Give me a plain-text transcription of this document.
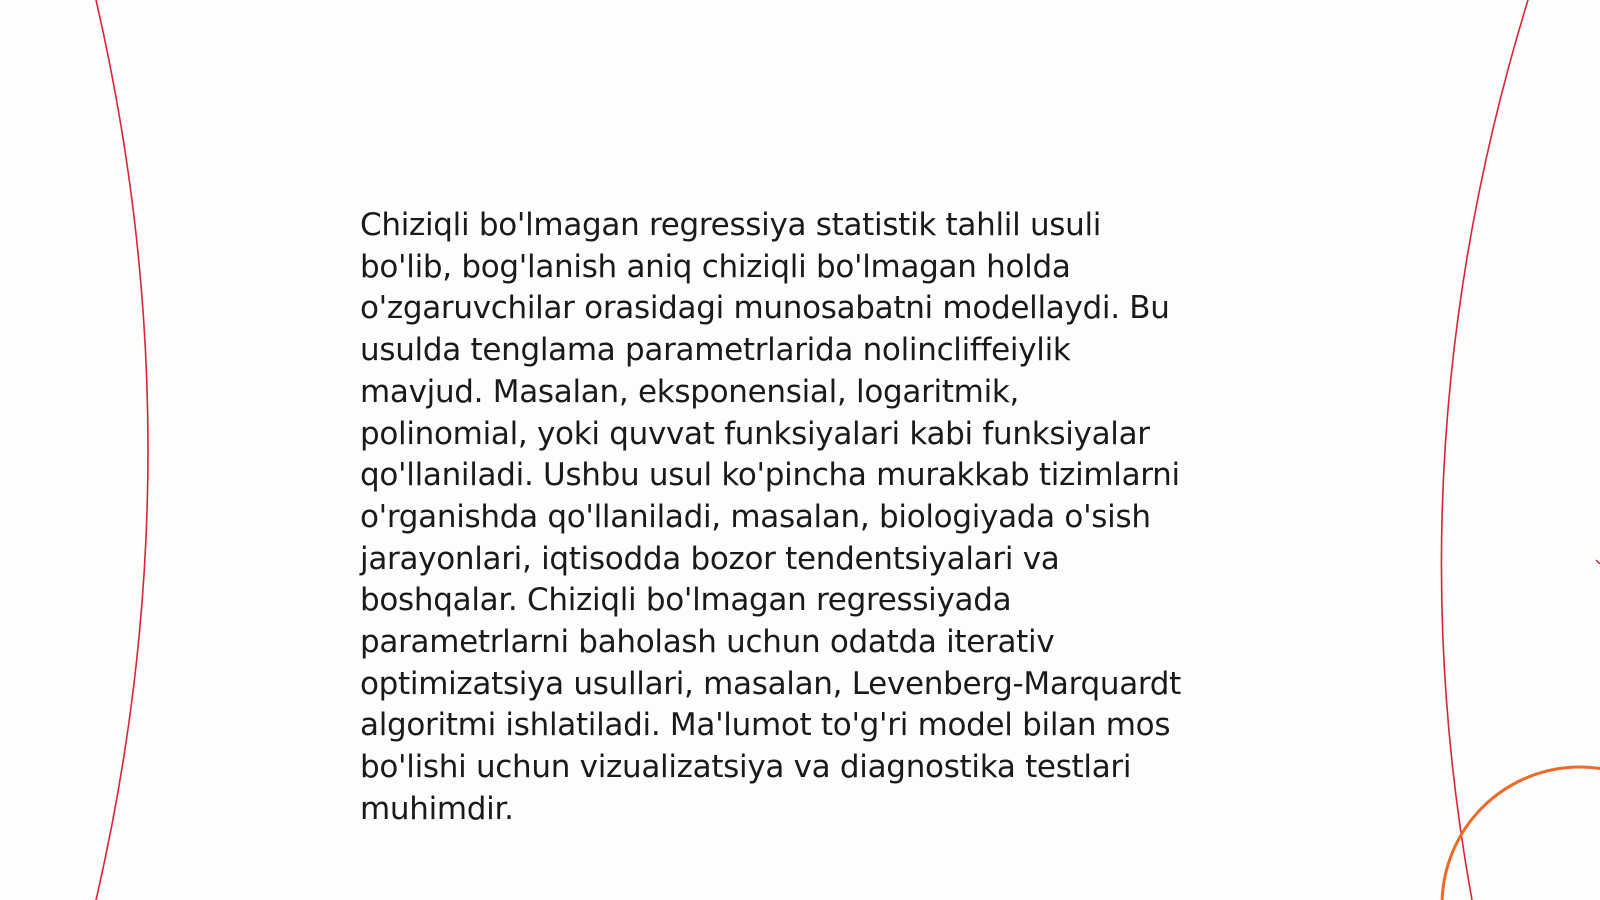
Chiziqli bo'lmagan regressiya statistik tahlil usuli
bo'lib, bog'lanish aniq chiziqli bo'lmagan holda
o'zgaruvchilar orasidagi munosabatni modellaydi. Bu
usulda tenglama parametrlarida nolincliffeiylik
mavjud. Masalan, eksponensial, logaritmik,
polinomial, yoki quvvat funksiyalari kabi funksiyalar
qo'llaniladi. Ushbu usul ko'pincha murakkab tizimlarni
o'rganishda qo'llaniladi, masalan, biologiyada o'sish
jarayonlari, iqtisodda bozor tendentsiyalari va
boshqalar. Chiziqli bo'lmagan regressiyada
parametrlarni baholash uchun odatda iterativ
optimizatsiya usullari, masalan, Levenberg-Marquardt
algoritmi ishlatiladi. Ma'lumot to'g'ri model bilan mos
bo'lishi uchun vizualizatsiya va diagnostika testlari
muhimdir.
